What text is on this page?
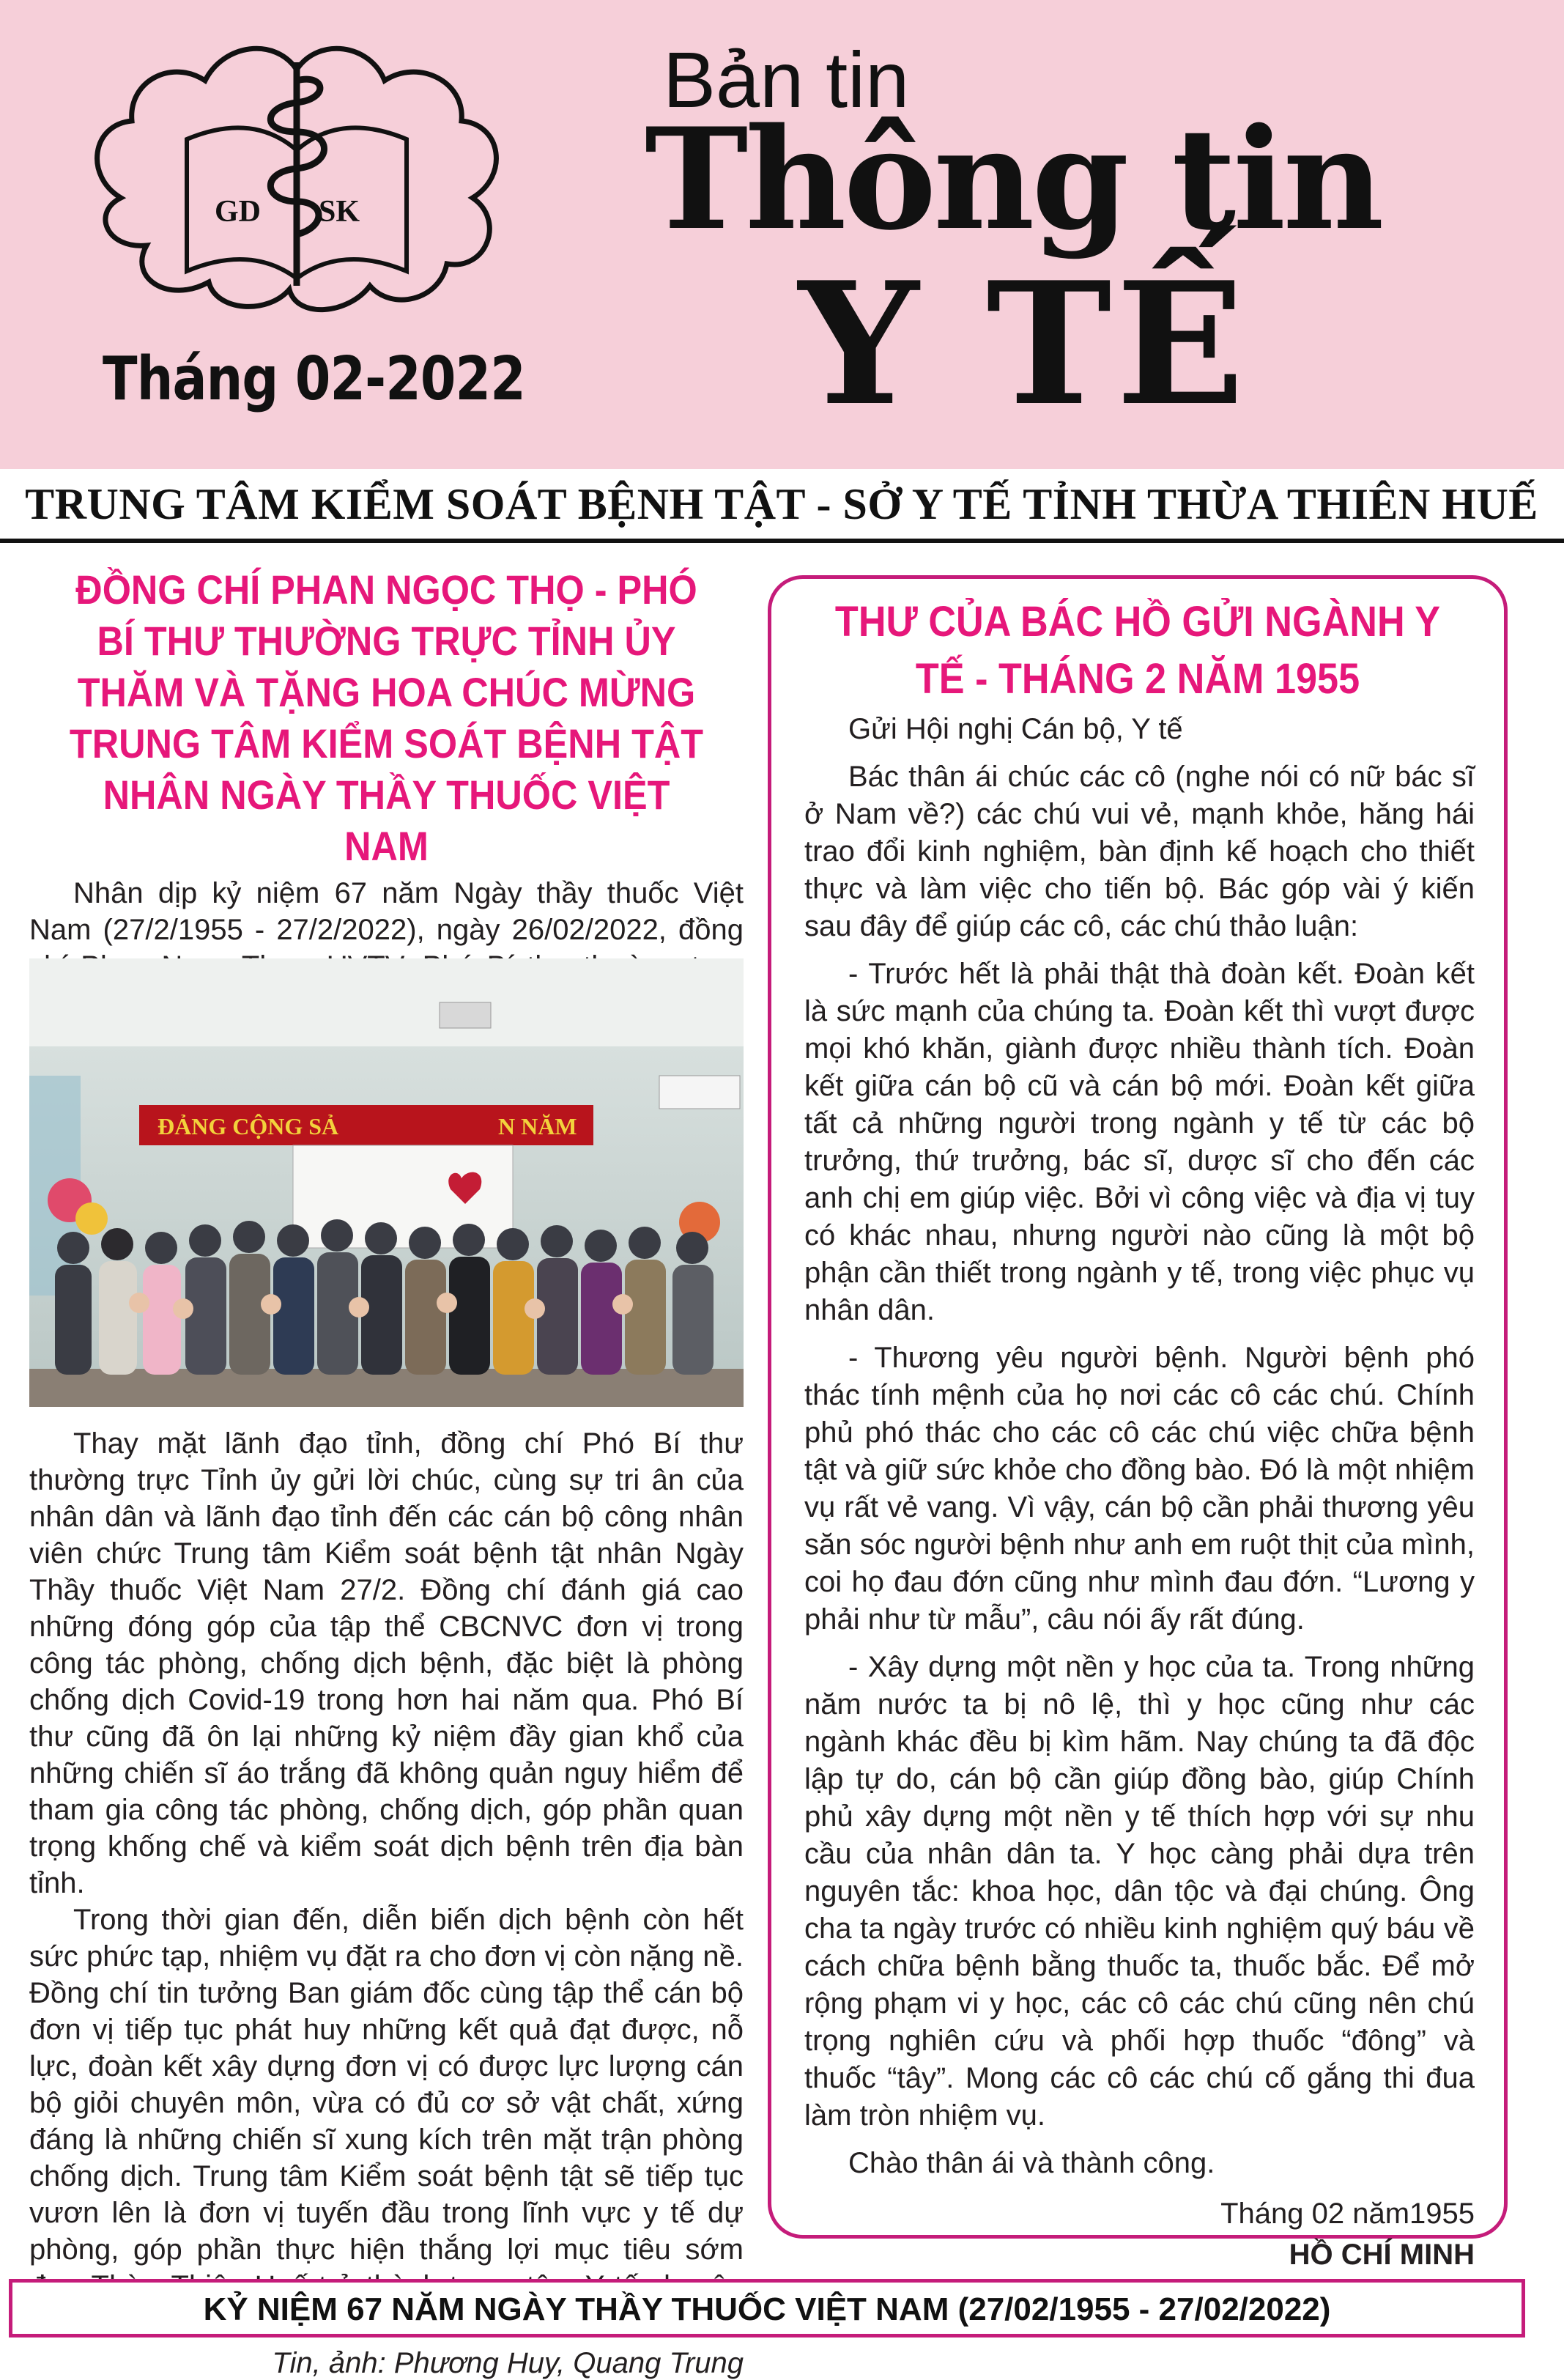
GD SK
Tháng 02-2022
Bản tin
Thông tin
Y TẾ
TRUNG TÂM KIỂM SOÁT BỆNH TẬT - SỞ Y TẾ TỈNH THỪA THIÊN HUẾ
ĐỒNG CHÍ PHAN NGỌC THỌ - PHÓ BÍ THƯ THƯỜNG TRỰC TỈNH ỦY THĂM VÀ TẶNG HOA CHÚC MỪNG TRUNG TÂM KIỂM SOÁT BỆNH TẬT NHÂN NGÀY THẦY THUỐC VIỆT NAM

Nhân dịp kỷ niệm 67 năm Ngày thầy thuốc Việt Nam (27/2/1955 - 27/2/2022), ngày 26/02/2022, đồng

ĐẢNG CỘNG SẢ	N NĂM

Thay mặt lãnh đạo tỉnh, đồng chí Phó Bí thư thường trực Tỉnh ủy gửi lời chúc, cùng sự tri ân của nhân dân và lãnh đạo tỉnh đến các cán bộ công nhân viên chức Trung tâm Kiểm soát bệnh tật nhân Ngày Thầy thuốc Việt Nam 27/2. Đồng chí đánh giá cao những đóng góp của tập thể CBCNVC đơn vị trong công tác phòng, chống dịch bệnh, đặc biệt là phòng chống dịch Covid-19 trong hơn hai năm qua. Phó Bí thư cũng đã ôn lại những kỷ niệm đầy gian khổ của những chiến sĩ áo trắng đã không quản nguy hiểm để tham gia công tác phòng, chống dịch, góp phần quan trọng khống chế và kiểm soát dịch bệnh trên địa bàn tỉnh.

Trong thời gian đến, diễn biến dịch bệnh còn hết sức phức tạp, nhiệm vụ đặt ra cho đơn vị còn nặng nề. Đồng chí tin tưởng Ban giám đốc cùng tập thể cán bộ đơn vị tiếp tục phát huy những kết quả đạt được, nỗ lực, đoàn kết xây dựng đơn vị có được lực lượng cán bộ giỏi chuyên môn, vừa có đủ cơ sở vật chất, xứng đáng là những chiến sĩ xung kích trên mặt trận phòng chống dịch. Trung tâm Kiểm soát bệnh tật sẽ tiếp tục vươn lên là đơn vị tuyến đầu trong lĩnh vực y tế dự phòng, góp phần thực hiện thắng lợi mục tiêu sớm

Tin, ảnh: Phương Huy, Quang Trung
THƯ CỦA BÁC HỒ GỬI NGÀNH Y TẾ - THÁNG 2 NĂM 1955

Gửi Hội nghị Cán bộ, Y tế

Bác thân ái chúc các cô (nghe nói có nữ bác sĩ ở Nam về?) các chú vui vẻ, mạnh khỏe, hăng hái trao đổi kinh nghiệm, bàn định kế hoạch cho thiết thực và làm việc cho tiến bộ. Bác góp vài ý kiến sau đây để giúp các cô, các chú thảo luận:

- Trước hết là phải thật thà đoàn kết. Đoàn kết là sức mạnh của chúng ta. Đoàn kết thì vượt được mọi khó khăn, giành được nhiều thành tích. Đoàn kết giữa cán bộ cũ và cán bộ mới. Đoàn kết giữa tất cả những người trong ngành y tế từ các bộ trưởng, thứ trưởng, bác sĩ, dược sĩ cho đến các anh chị em giúp việc. Bởi vì công việc và địa vị tuy có khác nhau, nhưng người nào cũng là một bộ phận cần thiết trong ngành y tế, trong việc phục vụ nhân dân.

- Thương yêu người bệnh. Người bệnh phó thác tính mệnh của họ nơi các cô các chú. Chính phủ phó thác cho các cô các chú việc chữa bệnh tật và giữ sức khỏe cho đồng bào. Đó là một nhiệm vụ rất vẻ vang. Vì vậy, cán bộ cần phải thương yêu săn sóc người bệnh như anh em ruột thịt của mình, coi họ đau đớn cũng như mình đau đớn. “Lương y phải như từ mẫu”, câu nói ấy rất đúng.

- Xây dựng một nền y học của ta. Trong những năm nước ta bị nô lệ, thì y học cũng như các ngành khác đều bị kìm hãm. Nay chúng ta đã độc lập tự do, cán bộ cần giúp đồng bào, giúp Chính phủ xây dựng một nền y tế thích hợp với sự nhu cầu của nhân dân ta. Y học càng phải dựa trên nguyên tắc: khoa học, dân tộc và đại chúng. Ông cha ta ngày trước có nhiều kinh nghiệm quý báu về cách chữa bệnh bằng thuốc ta, thuốc bắc. Để mở rộng phạm vi y học, các cô các chú cũng nên chú trọng nghiên cứu và phối hợp thuốc “đông” và thuốc “tây”. Mong các cô các chú cố gắng thi đua làm tròn nhiệm vụ.

Chào thân ái và thành công.

Tháng 02 năm1955
HỒ CHÍ MINH
KỶ NIỆM 67 NĂM NGÀY THẦY THUỐC VIỆT NAM (27/02/1955 - 27/02/2022)
